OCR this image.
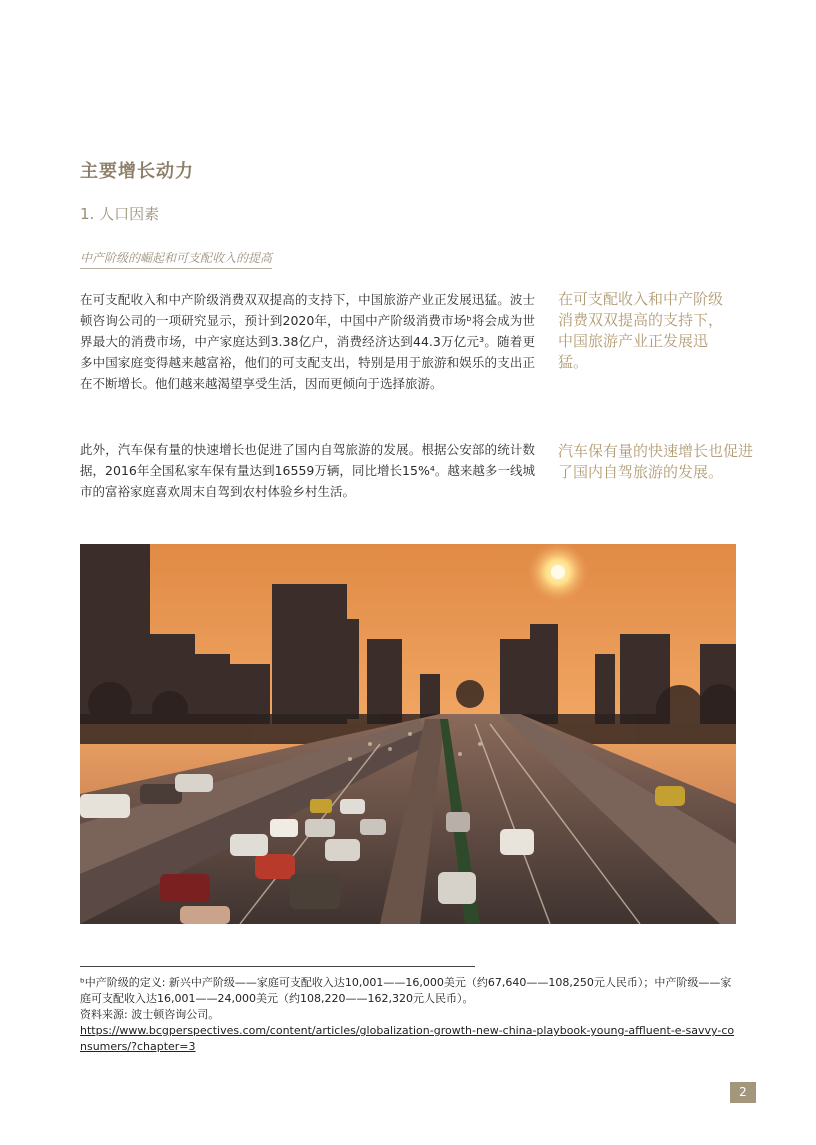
主要增长动力
1. 人口因素
中产阶级的崛起和可支配收入的提高
在可支配收入和中产阶级消费双双提高的支持下，中国旅游产业正发展迅猛。波士顿咨询公司的一项研究显示，预计到2020年，中国中产阶级消费市场ᵇ将会成为世界最大的消费市场，中产家庭达到3.38亿户，消费经济达到44.3万亿元³。随着更多中国家庭变得越来越富裕，他们的可支配支出，特别是用于旅游和娱乐的支出正在不断增长。他们越来越渴望享受生活，因而更倾向于选择旅游。
此外，汽车保有量的快速增长也促进了国内自驾旅游的发展。根据公安部的统计数据，2016年全国私家车保有量达到16559万辆，同比增长15%⁴。越来越多一线城市的富裕家庭喜欢周末自驾到农村体验乡村生活。
在可支配收入和中产阶级消费双双提高的支持下，中国旅游产业正发展迅猛。
汽车保有量的快速增长也促进了国内自驾旅游的发展。
ᵇ中产阶级的定义: 新兴中产阶级——家庭可支配收入达10,001——16,000美元（约67,640——108,250元人民币）；中产阶级——家庭可支配收入达16,001——24,000美元（约108,220——162,320元人民币）。
资料来源: 波士顿咨询公司。
https://www.bcgperspectives.com/content/articles/globalization-growth-new-china-playbook-young-affluent-e-savvy-consumers/?chapter=3
2
